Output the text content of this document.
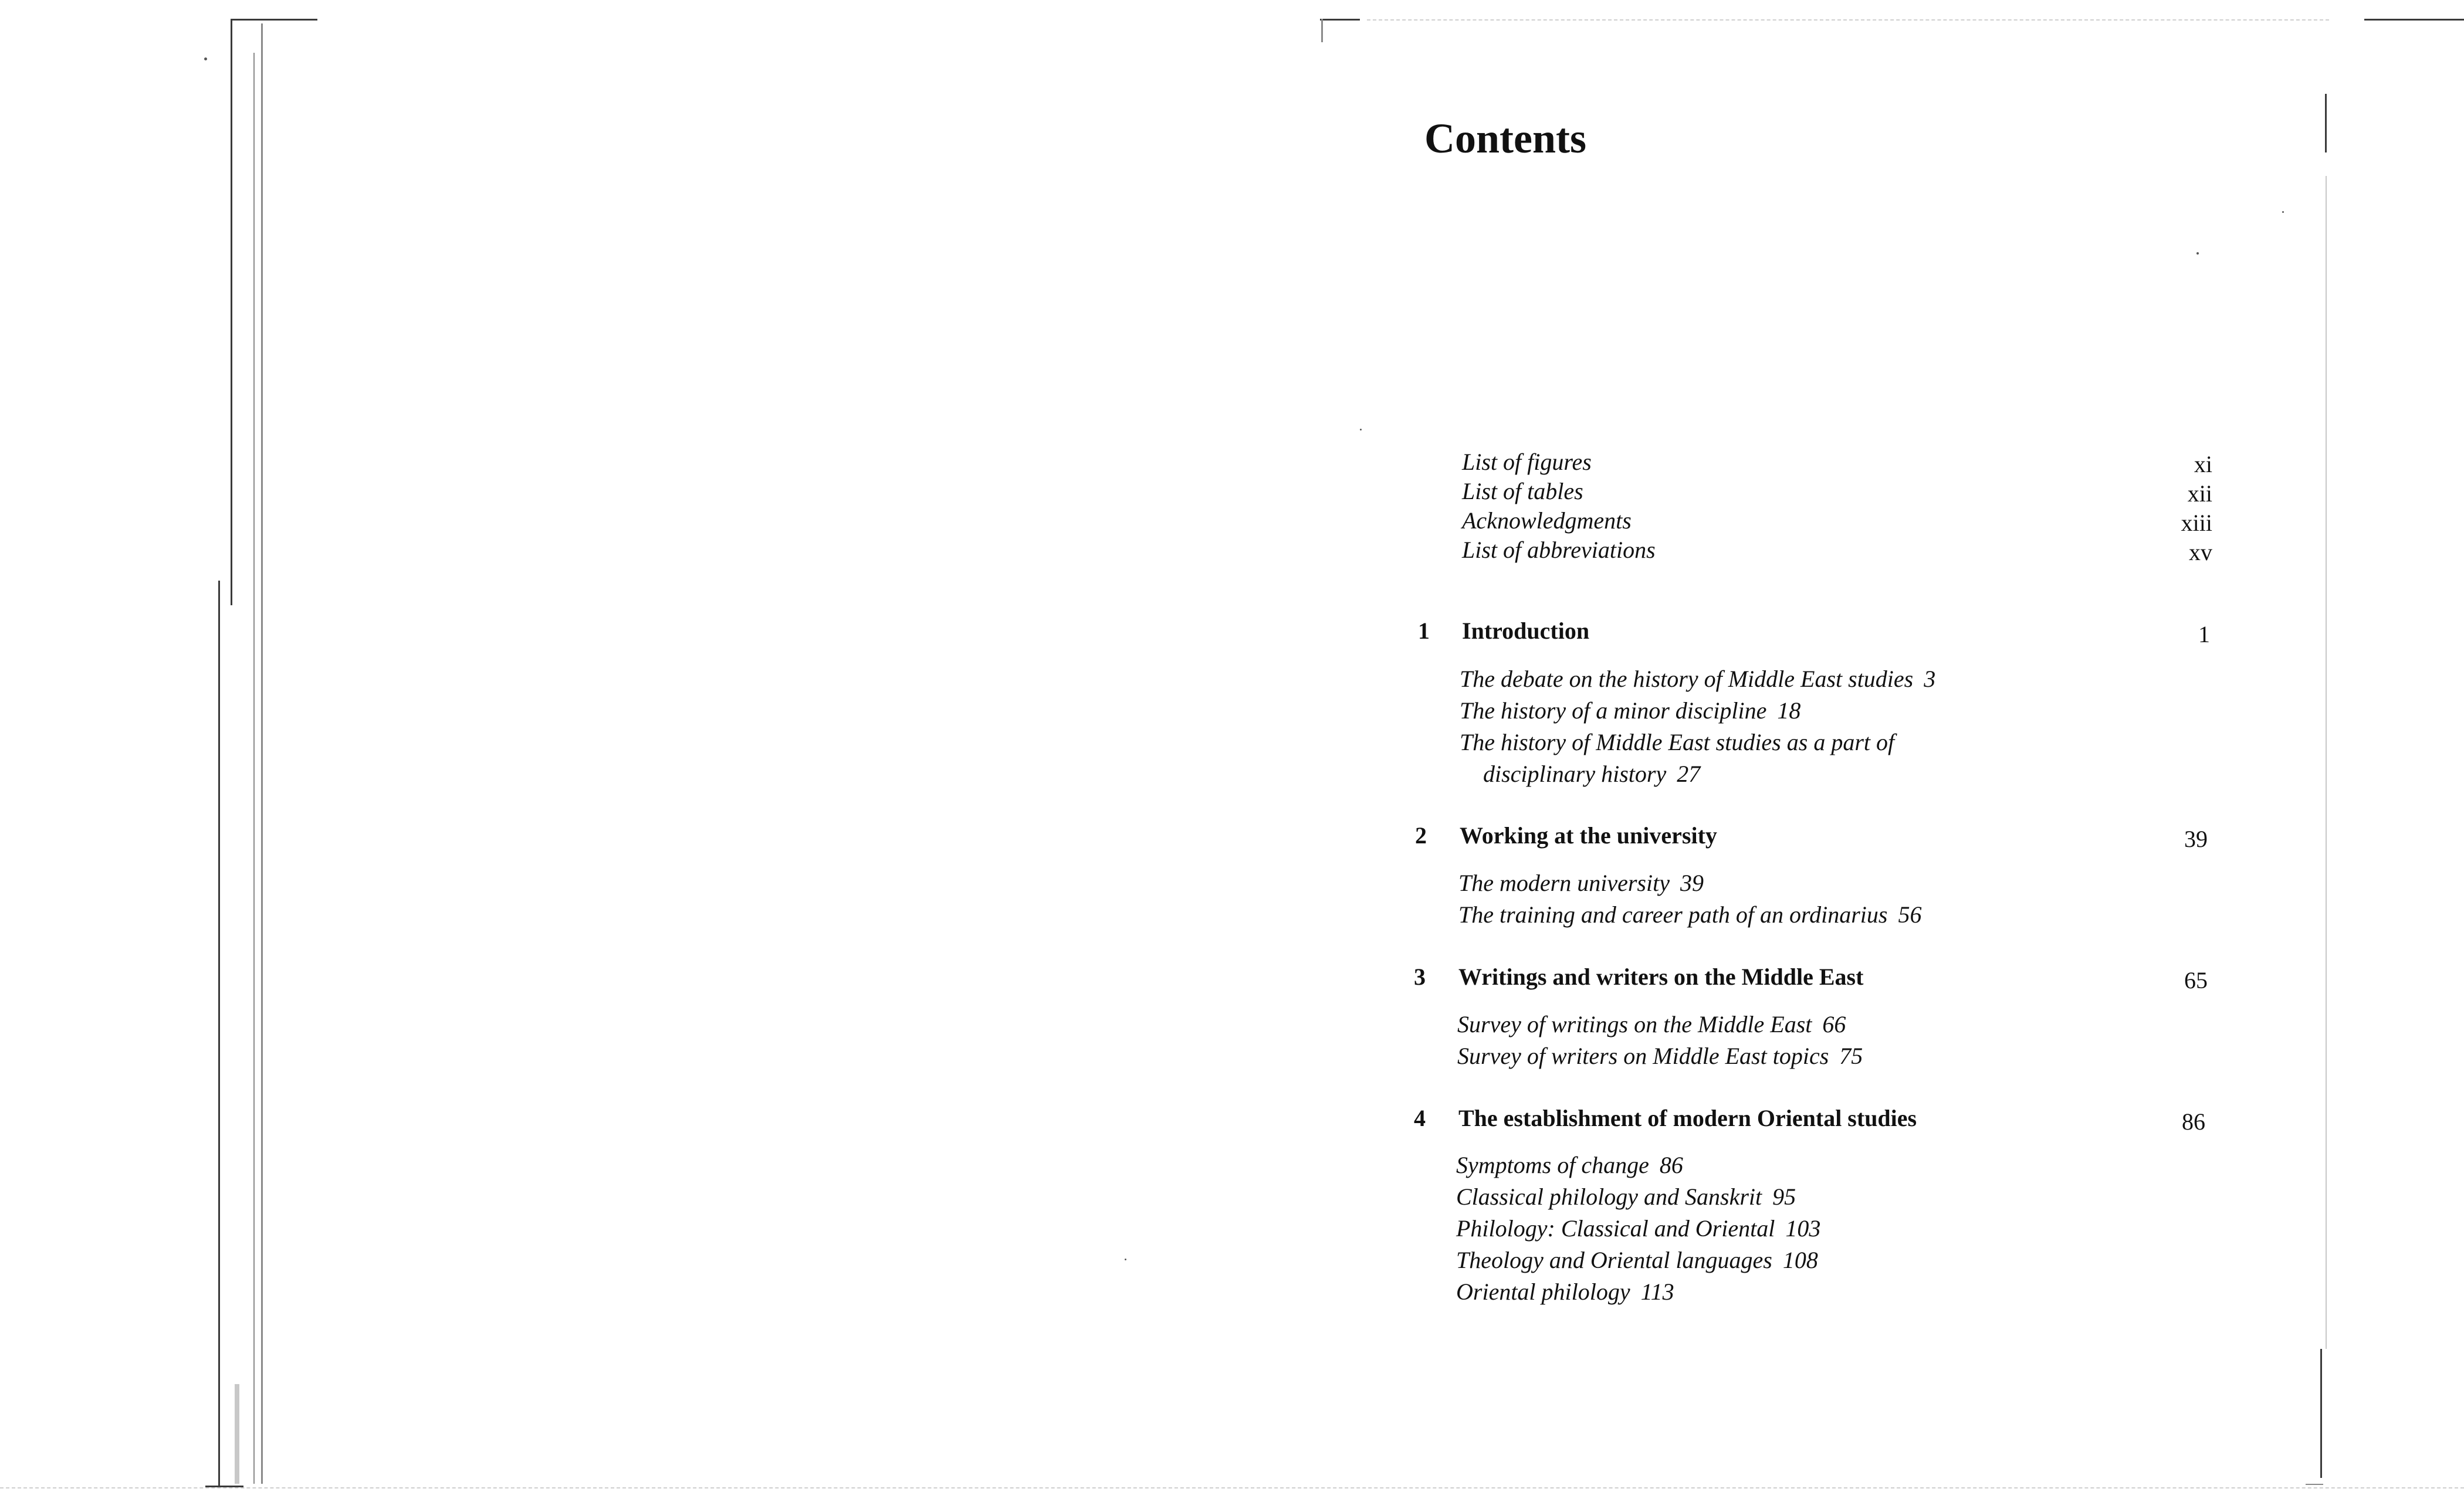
Contents
List of figures	xi
List of tables	xii
Acknowledgments	xiii
List of abbreviations	xv
1 Introduction	1
The debate on the history of Middle East studies 3
The history of a minor discipline 18
The history of Middle East studies as a part of
disciplinary history 27
2 Working at the university	39
The modern university 39
The training and career path of an ordinarius 56
3 Writings and writers on the Middle East	65
Survey of writings on the Middle East 66
Survey of writers on Middle East topics 75
4 The establishment of modern Oriental studies	86
Symptoms of change 86
Classical philology and Sanskrit 95
Philology: Classical and Oriental 103
Theology and Oriental languages 108
Oriental philology 113
